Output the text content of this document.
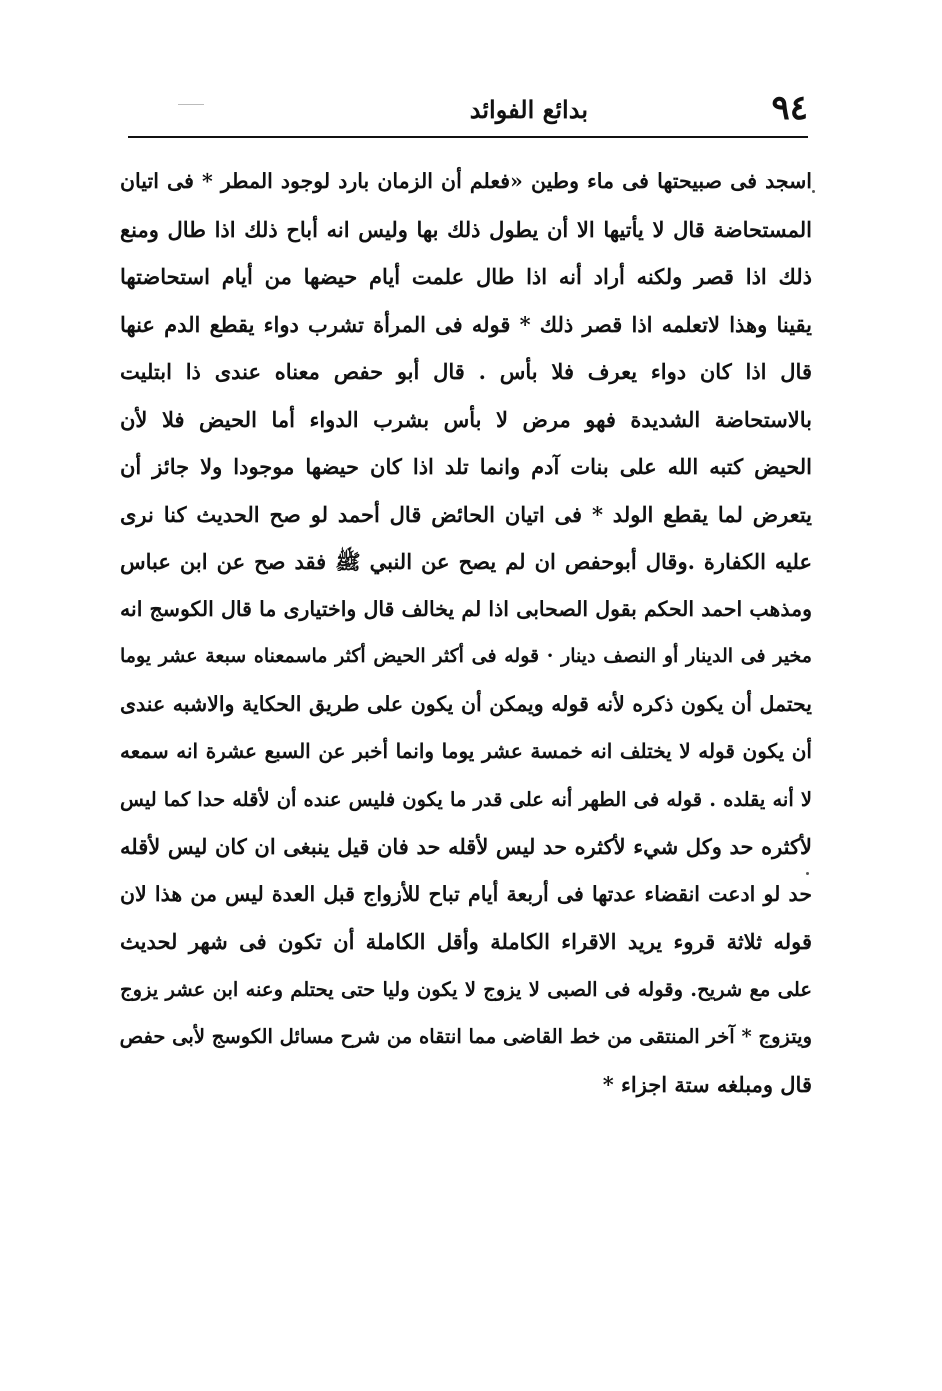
٩٤
بدائع الفوائد
اسجد فى صبيحتها فى ماء وطين «فعلم أن الزمان بارد لوجود المطر * فى اتيان
المستحاضة قال لا يأتيها الا أن يطول ذلك بها وليس انه أباح ذلك اذا طال ومنع
ذلك اذا قصر ولكنه أراد أنه اذا طال علمت أيام حيضها من أيام استحاضتها
يقينا وهذا لاتعلمه اذا قصر ذلك * قوله فى المرأة تشرب دواء يقطع الدم عنها
قال اذا كان دواء يعرف فلا بأس . قال أبو حفص معناه عندى ذا ابتليت
بالاستحاضة الشديدة فهو مرض لا بأس بشرب الدواء أما الحيض فلا لأن
الحيض كتبه الله على بنات آدم وانما تلد اذا كان حيضها موجودا ولا جائز أن
يتعرض لما يقطع الولد * فى اتيان الحائض قال أحمد لو صح الحديث كنا نرى
عليه الكفارة .وقال أبوحفص ان لم يصح عن النبي ﷺ فقد صح عن ابن عباس
ومذهب احمد الحكم بقول الصحابى اذا لم يخالف قال واختيارى ما قال الكوسج انه
مخير فى الدينار أو النصف دينار · قوله فى أكثر الحيض أكثر ماسمعناه سبعة عشر يوما
يحتمل أن يكون ذكره لأنه قوله ويمكن أن يكون على طريق الحكاية والاشبه عندى
أن يكون قوله لا يختلف انه خمسة عشر يوما وانما أخبر عن السبع عشرة انه سمعه
لا أنه يقلده . قوله فى الطهر أنه على قدر ما يكون فليس عنده أن لأقله حدا كما ليس
لأكثره حد وكل شيء لأكثره حد ليس لأقله حد فان قيل ينبغى ان كان ليس لأقله
حد لو ادعت انقضاء عدتها فى أربعة أيام تباح للأزواج قبل العدة ليس من هذا لان
قوله ثلاثة قروء يريد الاقراء الكاملة وأقل الكاملة أن تكون فى شهر لحديث
على مع شريح. وقوله فى الصبى لا يزوج لا يكون وليا حتى يحتلم وعنه ابن عشر يزوج
ويتزوج * آخر المنتقى من خط القاضى مما انتقاه من شرح مسائل الكوسج لأبى حفص
قال ومبلغه ستة اجزاء *
